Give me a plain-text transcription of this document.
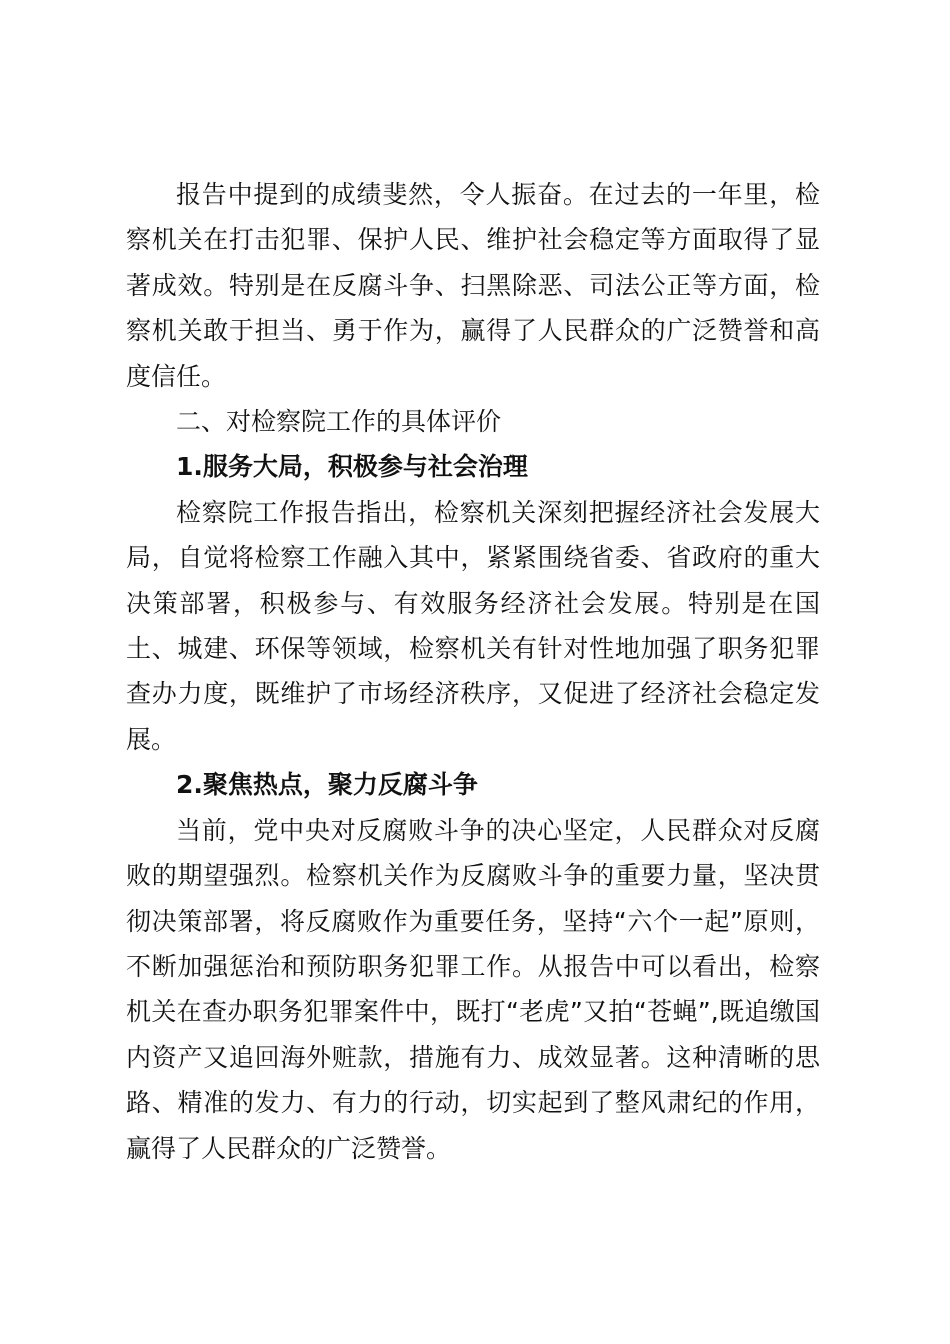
报告中提到的成绩斐然，令人振奋。在过去的一年里，检察机关在打击犯罪、保护人民、维护社会稳定等方面取得了显著成效。特别是在反腐斗争、扫黑除恶、司法公正等方面，检察机关敢于担当、勇于作为，赢得了人民群众的广泛赞誉和高度信任。

二、对检察院工作的具体评价

1.服务大局，积极参与社会治理

检察院工作报告指出，检察机关深刻把握经济社会发展大局，自觉将检察工作融入其中，紧紧围绕省委、省政府的重大决策部署，积极参与、有效服务经济社会发展。特别是在国土、城建、环保等领域，检察机关有针对性地加强了职务犯罪查办力度，既维护了市场经济秩序，又促进了经济社会稳定发展。

2.聚焦热点，聚力反腐斗争

当前，党中央对反腐败斗争的决心坚定，人民群众对反腐败的期望强烈。检察机关作为反腐败斗争的重要力量，坚决贯彻决策部署，将反腐败作为重要任务，坚持“六个一起”原则，不断加强惩治和预防职务犯罪工作。从报告中可以看出，检察机关在查办职务犯罪案件中，既打“老虎”又拍“苍蝇”,既追缴国内资产又追回海外赃款，措施有力、成效显著。这种清晰的思路、精准的发力、有力的行动，切实起到了整风肃纪的作用，赢得了人民群众的广泛赞誉。
